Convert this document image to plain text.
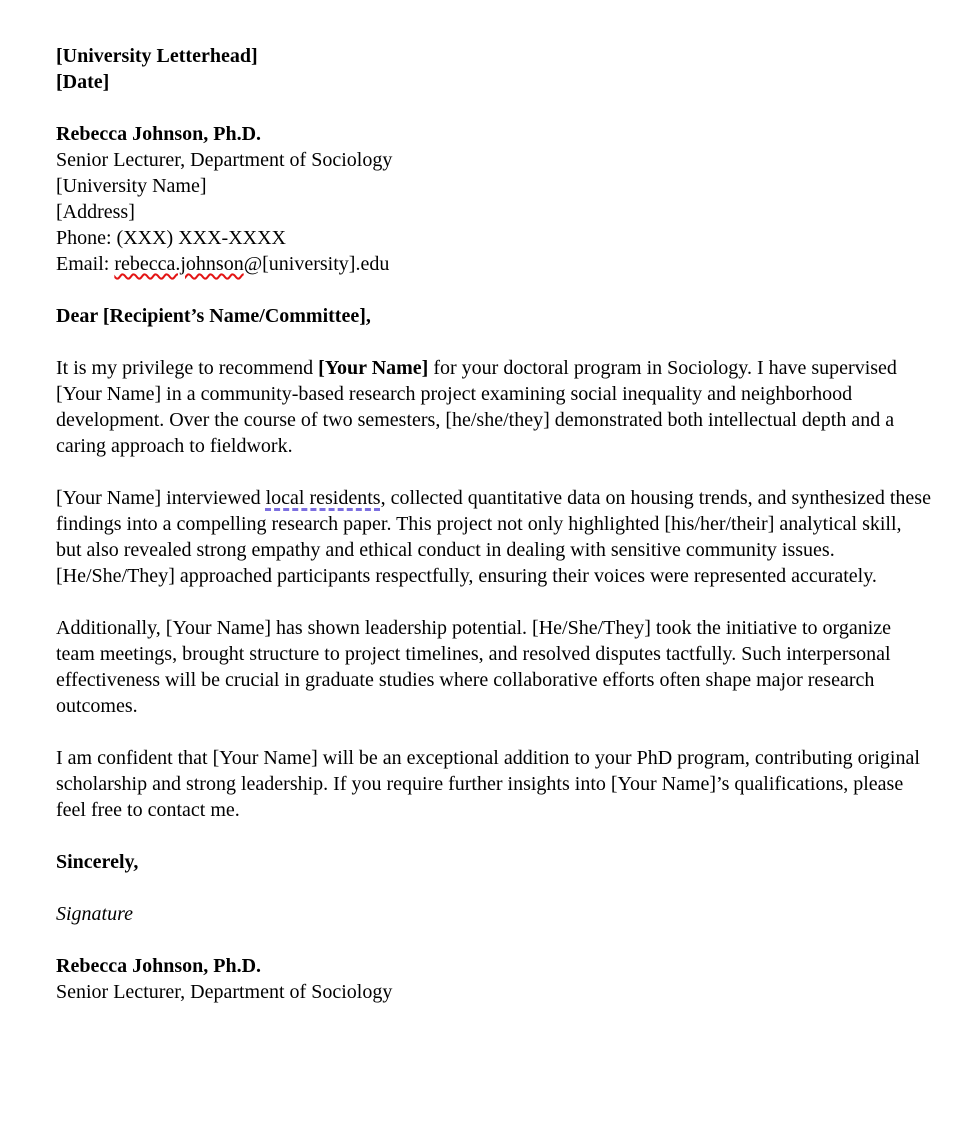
[University Letterhead]
[Date]
Rebecca Johnson, Ph.D.
Senior Lecturer, Department of Sociology
[University Name]
[Address]
Phone: (XXX) XXX-XXXX
Email: rebecca.johnson@[university].edu
Dear [Recipient’s Name/Committee],
It is my privilege to recommend [Your Name] for your doctoral program in Sociology. I have supervised [Your Name] in a community-based research project examining social inequality and neighborhood development. Over the course of two semesters, [he/she/they] demonstrated both intellectual depth and a caring approach to fieldwork.
[Your Name] interviewed local residents, collected quantitative data on housing trends, and synthesized these findings into a compelling research paper. This project not only highlighted [his/her/their] analytical skill, but also revealed strong empathy and ethical conduct in dealing with sensitive community issues. [He/She/They] approached participants respectfully, ensuring their voices were represented accurately.
Additionally, [Your Name] has shown leadership potential. [He/She/They] took the initiative to organize team meetings, brought structure to project timelines, and resolved disputes tactfully. Such interpersonal effectiveness will be crucial in graduate studies where collaborative efforts often shape major research outcomes.
I am confident that [Your Name] will be an exceptional addition to your PhD program, contributing original scholarship and strong leadership. If you require further insights into [Your Name]’s qualifications, please feel free to contact me.
Sincerely,
Signature
Rebecca Johnson, Ph.D.
Senior Lecturer, Department of Sociology
